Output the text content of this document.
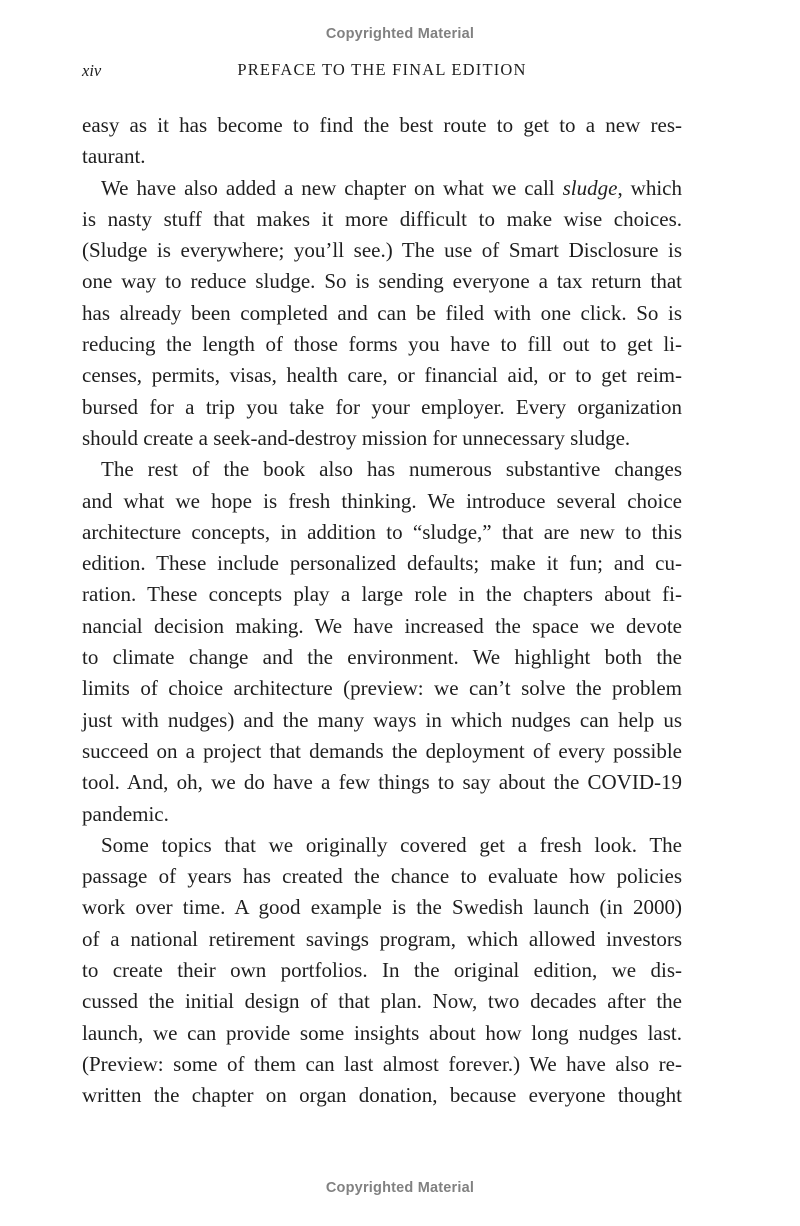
Copyrighted Material
xiv	PREFACE TO THE FINAL EDITION
easy as it has become to find the best route to get to a new res-
taurant.
We have also added a new chapter on what we call sludge, which
is nasty stuff that makes it more difficult to make wise choices.
(Sludge is everywhere; you’ll see.) The use of Smart Disclosure is
one way to reduce sludge. So is sending everyone a tax return that
has already been completed and can be filed with one click. So is
reducing the length of those forms you have to fill out to get li-
censes, permits, visas, health care, or financial aid, or to get reim-
bursed for a trip you take for your employer. Every organization
should create a seek-and-destroy mission for unnecessary sludge.
The rest of the book also has numerous substantive changes
and what we hope is fresh thinking. We introduce several choice
architecture concepts, in addition to “sludge,” that are new to this
edition. These include personalized defaults; make it fun; and cu-
ration. These concepts play a large role in the chapters about fi-
nancial decision making. We have increased the space we devote
to climate change and the environment. We highlight both the
limits of choice architecture (preview: we can’t solve the problem
just with nudges) and the many ways in which nudges can help us
succeed on a project that demands the deployment of every possible
tool. And, oh, we do have a few things to say about the COVID-19
pandemic.
Some topics that we originally covered get a fresh look. The
passage of years has created the chance to evaluate how policies
work over time. A good example is the Swedish launch (in 2000)
of a national retirement savings program, which allowed investors
to create their own portfolios. In the original edition, we dis-
cussed the initial design of that plan. Now, two decades after the
launch, we can provide some insights about how long nudges last.
(Preview: some of them can last almost forever.) We have also re-
written the chapter on organ donation, because everyone thought
Copyrighted Material
